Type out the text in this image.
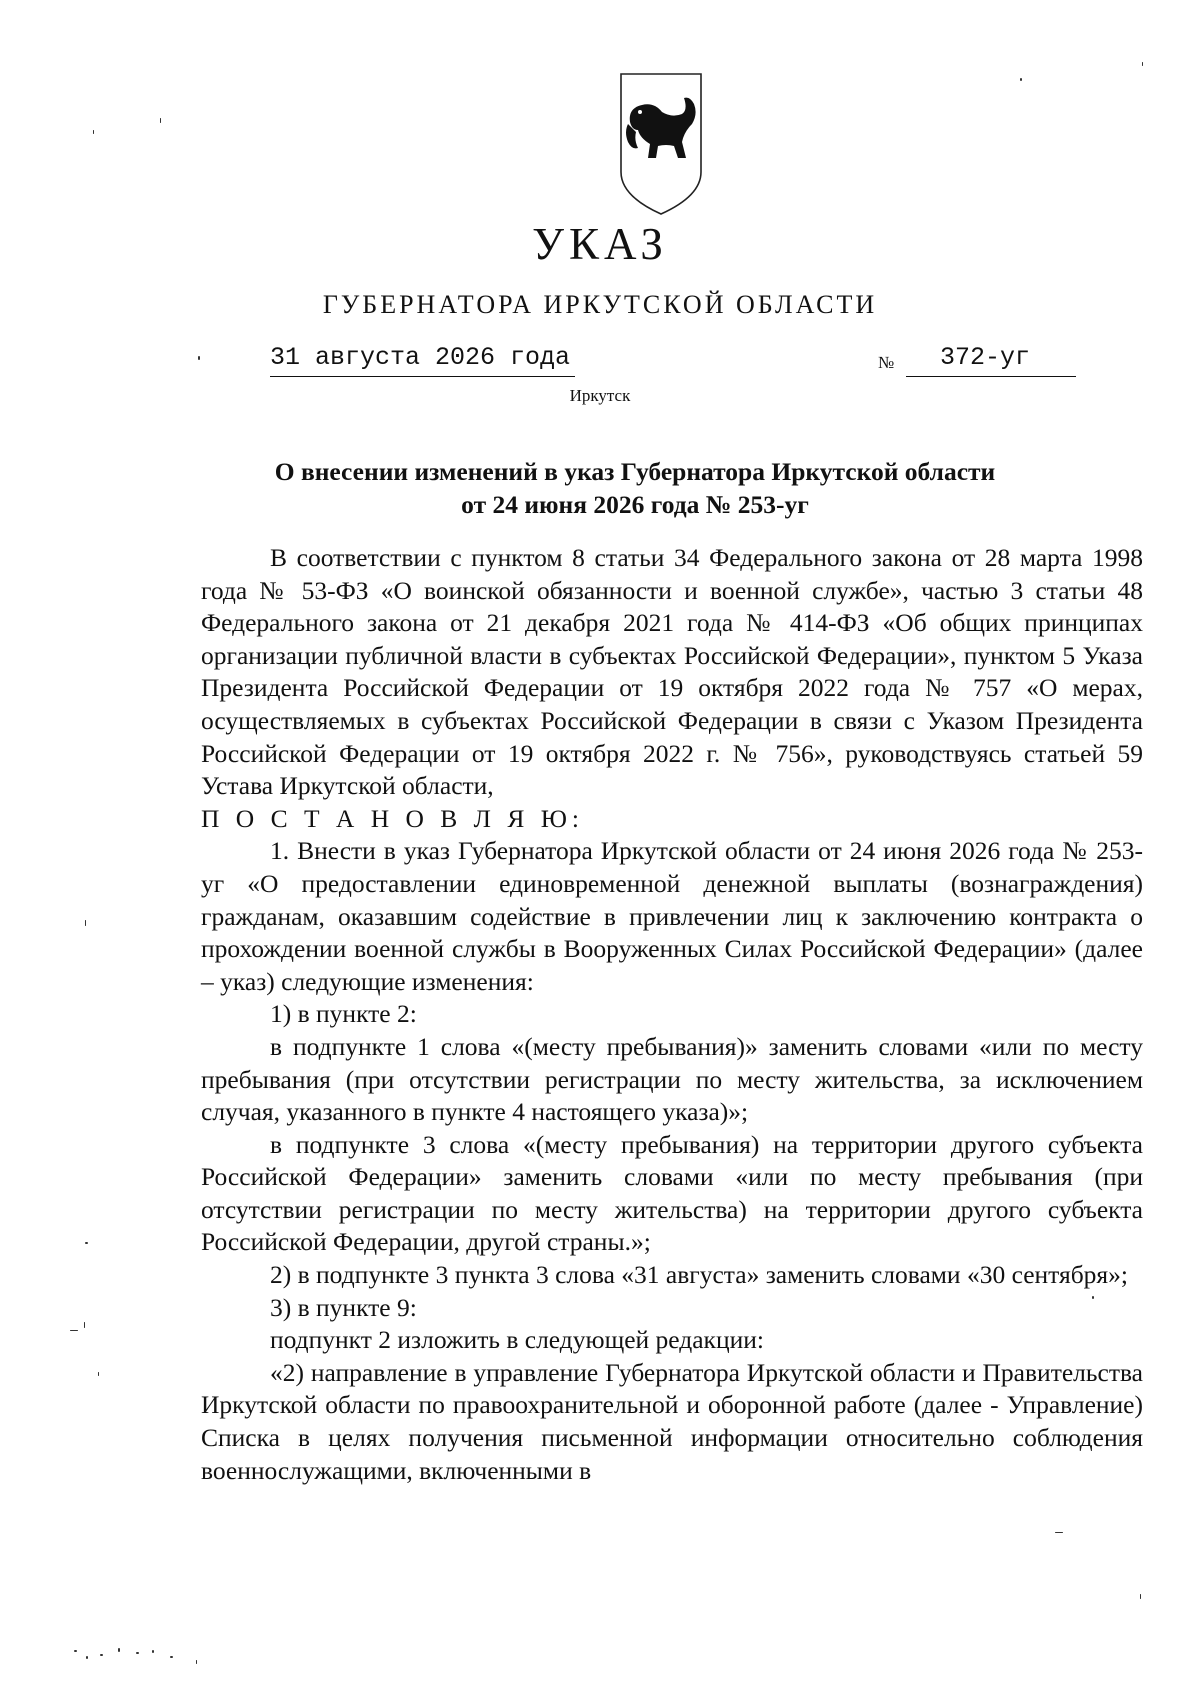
УКАЗ
ГУБЕРНАТОРА ИРКУТСКОЙ ОБЛАСТИ
31 августа 2026 года	№	372-уг
Иркутск
О внесении изменений в указ Губернатора Иркутской области
от 24 июня 2026 года № 253-уг

В соответствии с пунктом 8 статьи 34 Федерального закона от 28 марта 1998 года № 53-ФЗ «О воинской обязанности и военной службе», частью 3 статьи 48 Федерального закона от 21 декабря 2021 года № 414-ФЗ «Об общих принципах организации публичной власти в субъектах Российской Федерации», пунктом 5 Указа Президента Российской Федерации от 19 октября 2022 года № 757 «О мерах, осуществляемых в субъектах Российской Федерации в связи с Указом Президента Российской Федерации от 19 октября 2022 г. № 756», руководствуясь статьей 59 Устава Иркутской области,

П О С Т А Н О В Л Я Ю:

1. Внести в указ Губернатора Иркутской области от 24 июня 2026 года № 253-уг «О предоставлении единовременной денежной выплаты (вознаграждения) гражданам, оказавшим содействие в привлечении лиц к заключению контракта о прохождении военной службы в Вооруженных Силах Российской Федерации» (далее – указ) следующие изменения:

1) в пункте 2:

в подпункте 1 слова «(месту пребывания)» заменить словами «или по месту пребывания (при отсутствии регистрации по месту жительства, за исключением случая, указанного в пункте 4 настоящего указа)»;

в подпункте 3 слова «(месту пребывания) на территории другого субъекта Российской Федерации» заменить словами «или по месту пребывания (при отсутствии регистрации по месту жительства) на территории другого субъекта Российской Федерации, другой страны.»;

2) в подпункте 3 пункта 3 слова «31 августа» заменить словами «30 сентября»;

3) в пункте 9:

подпункт 2 изложить в следующей редакции:

«2) направление в управление Губернатора Иркутской области и Правительства Иркутской области по правоохранительной и оборонной работе (далее - Управление) Списка в целях получения письменной информации относительно соблюдения военнослужащими, включенными в
